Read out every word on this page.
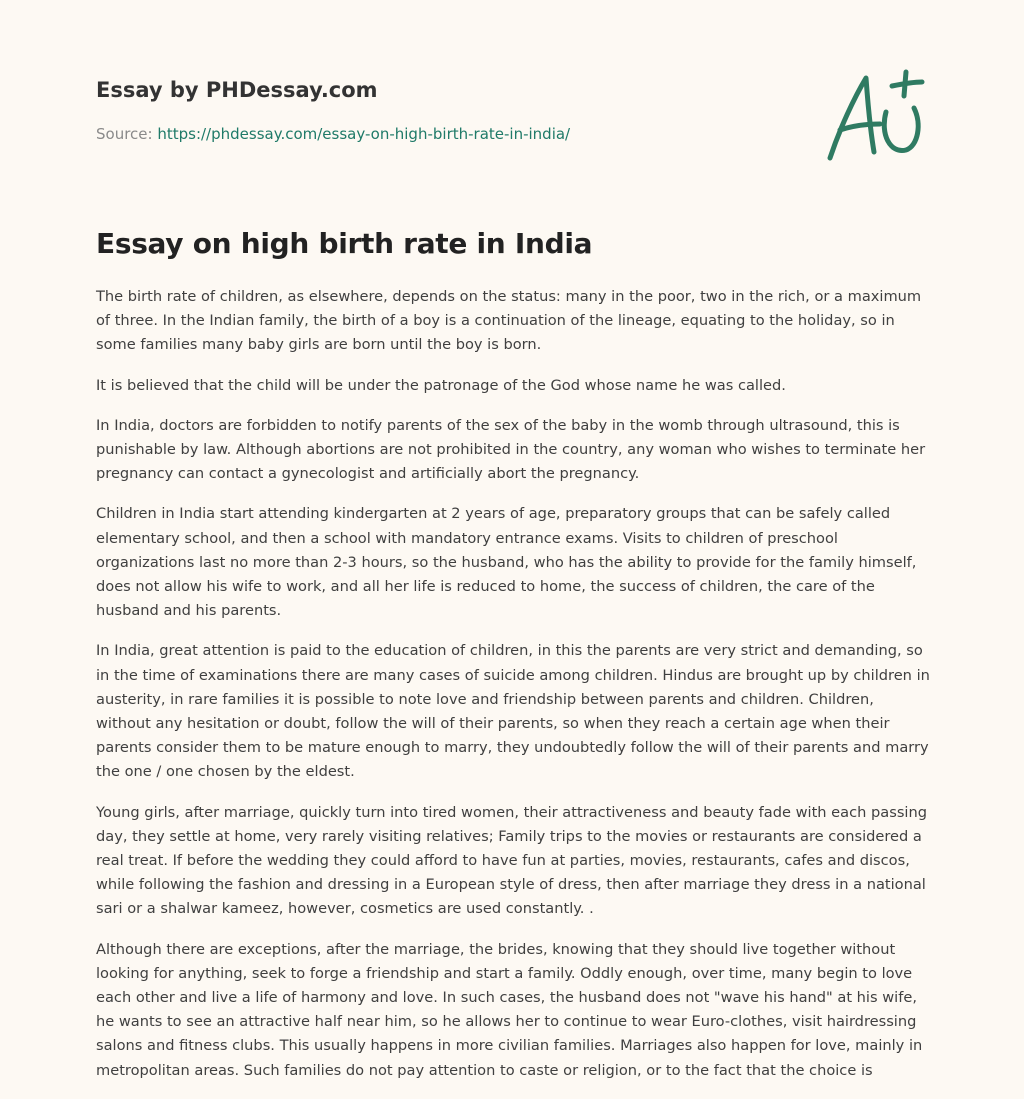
Essay by PHDessay.com
Source: https://phdessay.com/essay-on-high-birth-rate-in-india/
Essay on high birth rate in India

The birth rate of children, as elsewhere, depends on the status: many in the poor, two in the rich, or a maximum of three. In the Indian family, the birth of a boy is a continuation of the lineage, equating to the holiday, so in some families many baby girls are born until the boy is born.

It is believed that the child will be under the patronage of the God whose name he was called.

In India, doctors are forbidden to notify parents of the sex of the baby in the womb through ultrasound, this is punishable by law. Although abortions are not prohibited in the country, any woman who wishes to terminate her pregnancy can contact a gynecologist and artificially abort the pregnancy.

Children in India start attending kindergarten at 2 years of age, preparatory groups that can be safely called elementary school, and then a school with mandatory entrance exams. Visits to children of preschool organizations last no more than 2-3 hours, so the husband, who has the ability to provide for the family himself, does not allow his wife to work, and all her life is reduced to home, the success of children, the care of the husband and his parents.

In India, great attention is paid to the education of children, in this the parents are very strict and demanding, so in the time of examinations there are many cases of suicide among children. Hindus are brought up by children in austerity, in rare families it is possible to note love and friendship between parents and children. Children, without any hesitation or doubt, follow the will of their parents, so when they reach a certain age when their parents consider them to be mature enough to marry, they undoubtedly follow the will of their parents and marry the one / one chosen by the eldest.

Young girls, after marriage, quickly turn into tired women, their attractiveness and beauty fade with each passing day, they settle at home, very rarely visiting relatives; Family trips to the movies or restaurants are considered a real treat. If before the wedding they could afford to have fun at parties, movies, restaurants, cafes and discos, while following the fashion and dressing in a European style of dress, then after marriage they dress in a national sari or a shalwar kameez, however, cosmetics are used constantly. .

Although there are exceptions, after the marriage, the brides, knowing that they should live together without looking for anything, seek to forge a friendship and start a family. Oddly enough, over time, many begin to love each other and live a life of harmony and love. In such cases, the husband does not "wave his hand" at his wife, he wants to see an attractive half near him, so he allows her to continue to wear Euro-clothes, visit hairdressing salons and fitness clubs. This usually happens in more civilian families. Marriages also happen for love, mainly in metropolitan areas. Such families do not pay attention to caste or religion, or to the fact that the choice is
